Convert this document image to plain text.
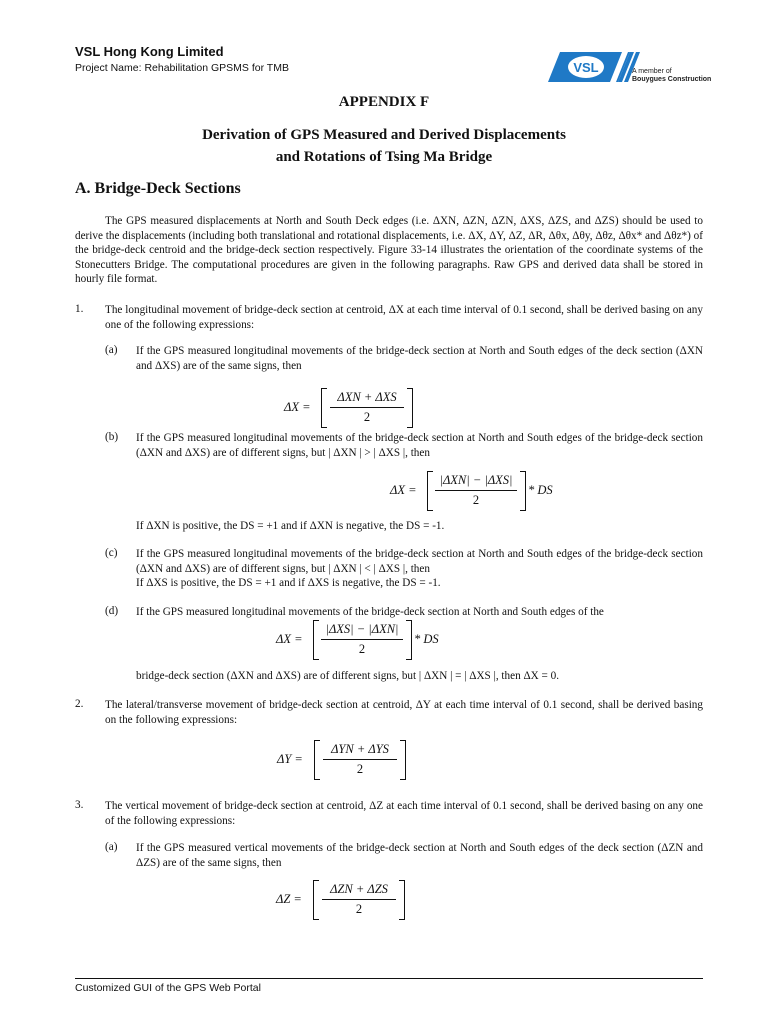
VSL Hong Kong Limited
Project Name: Rehabilitation GPSMS for TMB	VSL	A member of
Bouygues Construction
APPENDIX F
Derivation of GPS Measured and Derived Displacements
and Rotations of Tsing Ma Bridge
A. Bridge-Deck Sections
The GPS measured displacements at North and South Deck edges (i.e. ΔXN, ΔZN, ΔZN, ΔXS, ΔZS, and ΔZS) should be used to derive the displacements (including both translational and rotational displacements, i.e. ΔX, ΔY, ΔZ, ΔR, Δθx, Δθy, Δθz, Δθx* and Δθz*) of the bridge-deck centroid and the bridge-deck section respectively. Figure 33-14 illustrates the orientation of the coordinate systems of the Stonecutters Bridge. The computational procedures are given in the following paragraphs. Raw GPS and derived data shall be stored in hourly file format.
1. The longitudinal movement of bridge-deck section at centroid, ΔX at each time interval of 0.1 second, shall be derived basing on any one of the following expressions:
(a) If the GPS measured longitudinal movements of the bridge-deck section at North and South edges of the deck section (ΔXN and ΔXS) are of the same signs, then
ΔX =
ΔXN + ΔXS
2
(b) If the GPS measured longitudinal movements of the bridge-deck section at North and South edges of the bridge-deck section (ΔXN and ΔXS) are of different signs, but | ΔXN | > | ΔXS |, then
ΔX =
|ΔXN| − |ΔXS|
2
* DS
If ΔXN is positive, the DS = +1 and if ΔXN is negative, the DS = -1.
(c) If the GPS measured longitudinal movements of the bridge-deck section at North and South edges of the bridge-deck section (ΔXN and ΔXS) are of different signs, but | ΔXN | < | ΔXS |, then
If ΔXS is positive, the DS = +1 and if ΔXS is negative, the DS = -1.
(d) If the GPS measured longitudinal movements of the bridge-deck section at North and South edges of the
ΔX =
|ΔXS| − |ΔXN|
2
* DS
bridge-deck section (ΔXN and ΔXS) are of different signs, but | ΔXN | = | ΔXS |, then ΔX = 0.
2. The lateral/transverse movement of bridge-deck section at centroid, ΔY at each time interval of 0.1 second, shall be derived basing on the following expressions:
ΔY =
ΔYN + ΔYS
2
3. The vertical movement of bridge-deck section at centroid, ΔZ at each time interval of 0.1 second, shall be derived basing on any one of the following expressions:
(a) If the GPS measured vertical movements of the bridge-deck section at North and South edges of the deck section (ΔZN and ΔZS) are of the same signs, then
ΔZ =
ΔZN + ΔZS
2
Customized GUI of the GPS Web Portal
